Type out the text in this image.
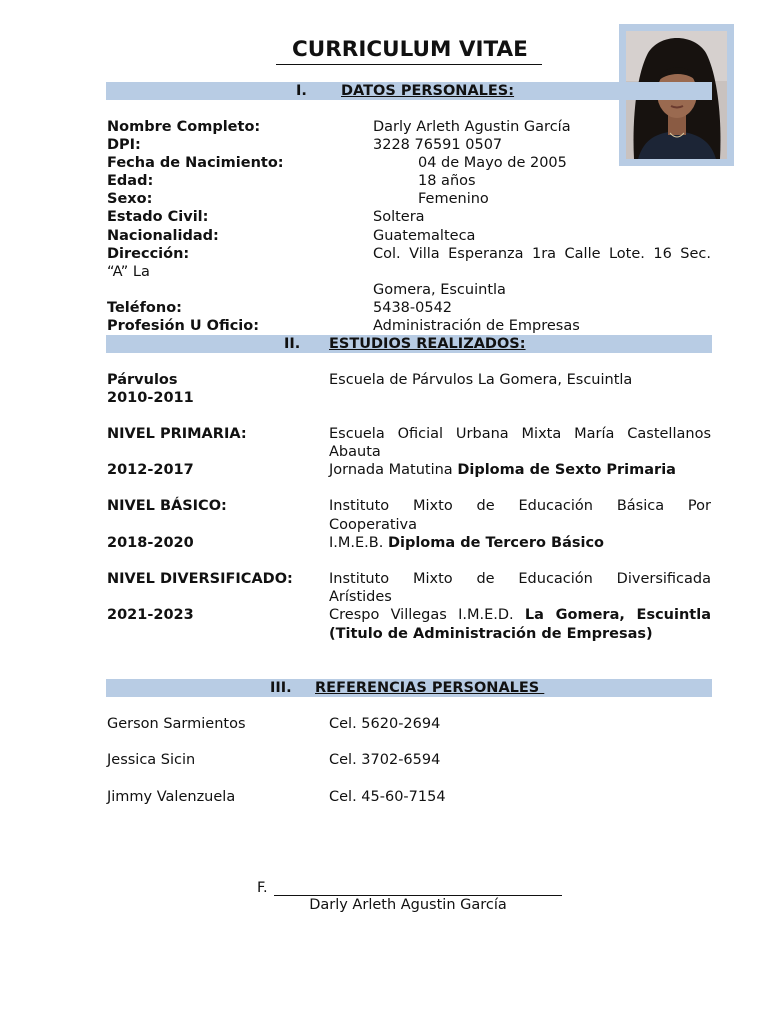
CURRICULUM VITAE
I. DATOS PERSONALES:
Nombre Completo:	Darly Arleth Agustin García
DPI:	3228 76591 0507
Fecha de Nacimiento:	04 de Mayo de 2005
Edad:	18 años
Sexo:	Femenino
Estado Civil:	Soltera
Nacionalidad:	Guatemalteca
Dirección:	Col. Villa Esperanza 1ra Calle Lote. 16 Sec.
“A” La
Gomera, Escuintla
Teléfono:	5438-0542
Profesión U Oficio:	Administración de Empresas
II. ESTUDIOS REALIZADOS:
Párvulos	Escuela de Párvulos La Gomera, Escuintla
2010-2011
NIVEL PRIMARIA:	Escuela Oficial Urbana Mixta María Castellanos
Abauta
2012-2017	Jornada Matutina Diploma de Sexto Primaria
NIVEL BÁSICO:	Instituto Mixto de Educación Básica Por
Cooperativa
2018-2020	I.M.E.B. Diploma de Tercero Básico
NIVEL DIVERSIFICADO: Instituto Mixto de Educación Diversificada
Arístides
2021-2023	Crespo Villegas I.M.E.D. La Gomera, Escuintla
(Titulo de Administración de Empresas)
III. REFERENCIAS PERSONALES
Gerson Sarmientos	Cel. 5620-2694
Jessica Sicin	Cel. 3702-6594
Jimmy Valenzuela	Cel. 45-60-7154
F.
Darly Arleth Agustin García
